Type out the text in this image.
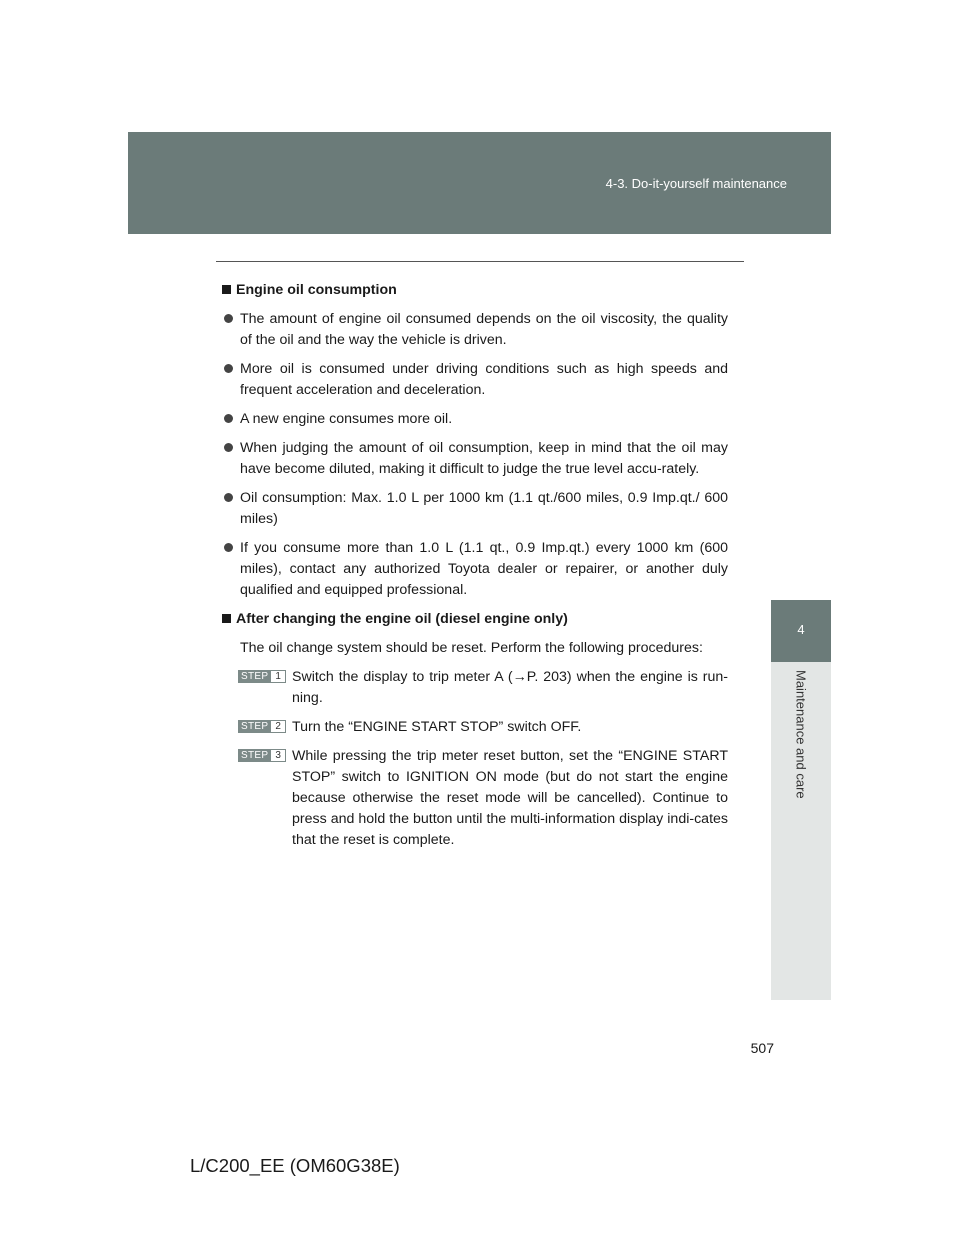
4-3. Do-it-yourself maintenance
4
Maintenance and care
Engine oil consumption
The amount of engine oil consumed depends on the oil viscosity, the quality of the oil and the way the vehicle is driven.
More oil is consumed under driving conditions such as high speeds and frequent acceleration and deceleration.
A new engine consumes more oil.
When judging the amount of oil consumption, keep in mind that the oil may have become diluted, making it difficult to judge the true level accu-rately.
Oil consumption: Max. 1.0 L per 1000 km (1.1 qt./600 miles, 0.9 Imp.qt./ 600 miles)
If you consume more than 1.0 L (1.1 qt., 0.9 Imp.qt.) every 1000 km (600 miles), contact any authorized Toyota dealer or repairer, or another duly qualified and equipped professional.
After changing the engine oil (diesel engine only)
The oil change system should be reset. Perform the following procedures:
STEP 1 Switch the display to trip meter A (→P. 203) when the engine is run-ning.
STEP 2 Turn the “ENGINE START STOP” switch OFF.
STEP 3 While pressing the trip meter reset button, set the “ENGINE START STOP” switch to IGNITION ON mode (but do not start the engine because otherwise the reset mode will be cancelled). Continue to press and hold the button until the multi-information display indi-cates that the reset is complete.
507
L/C200_EE (OM60G38E)
